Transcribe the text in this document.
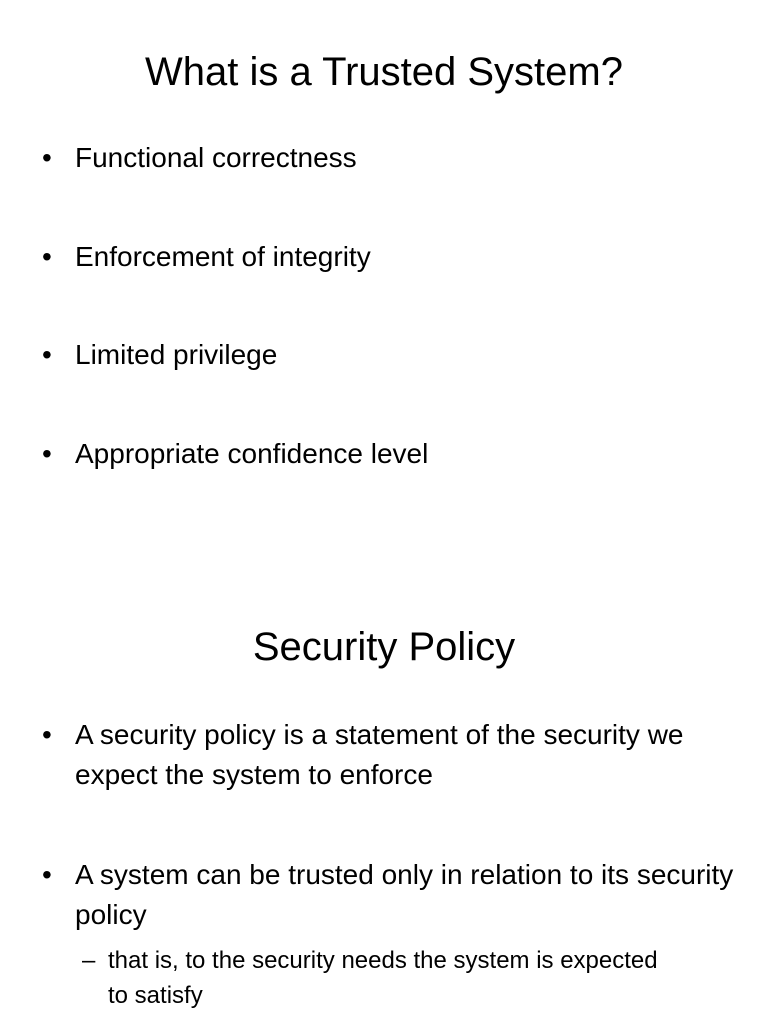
What is a Trusted System?
• Functional correctness
• Enforcement of integrity
• Limited privilege
• Appropriate confidence level
Security Policy
• A security policy is a statement of the security we expect the system to enforce
• A system can be trusted only in relation to its security policy
– that is, to the security needs the system is expected to satisfy
